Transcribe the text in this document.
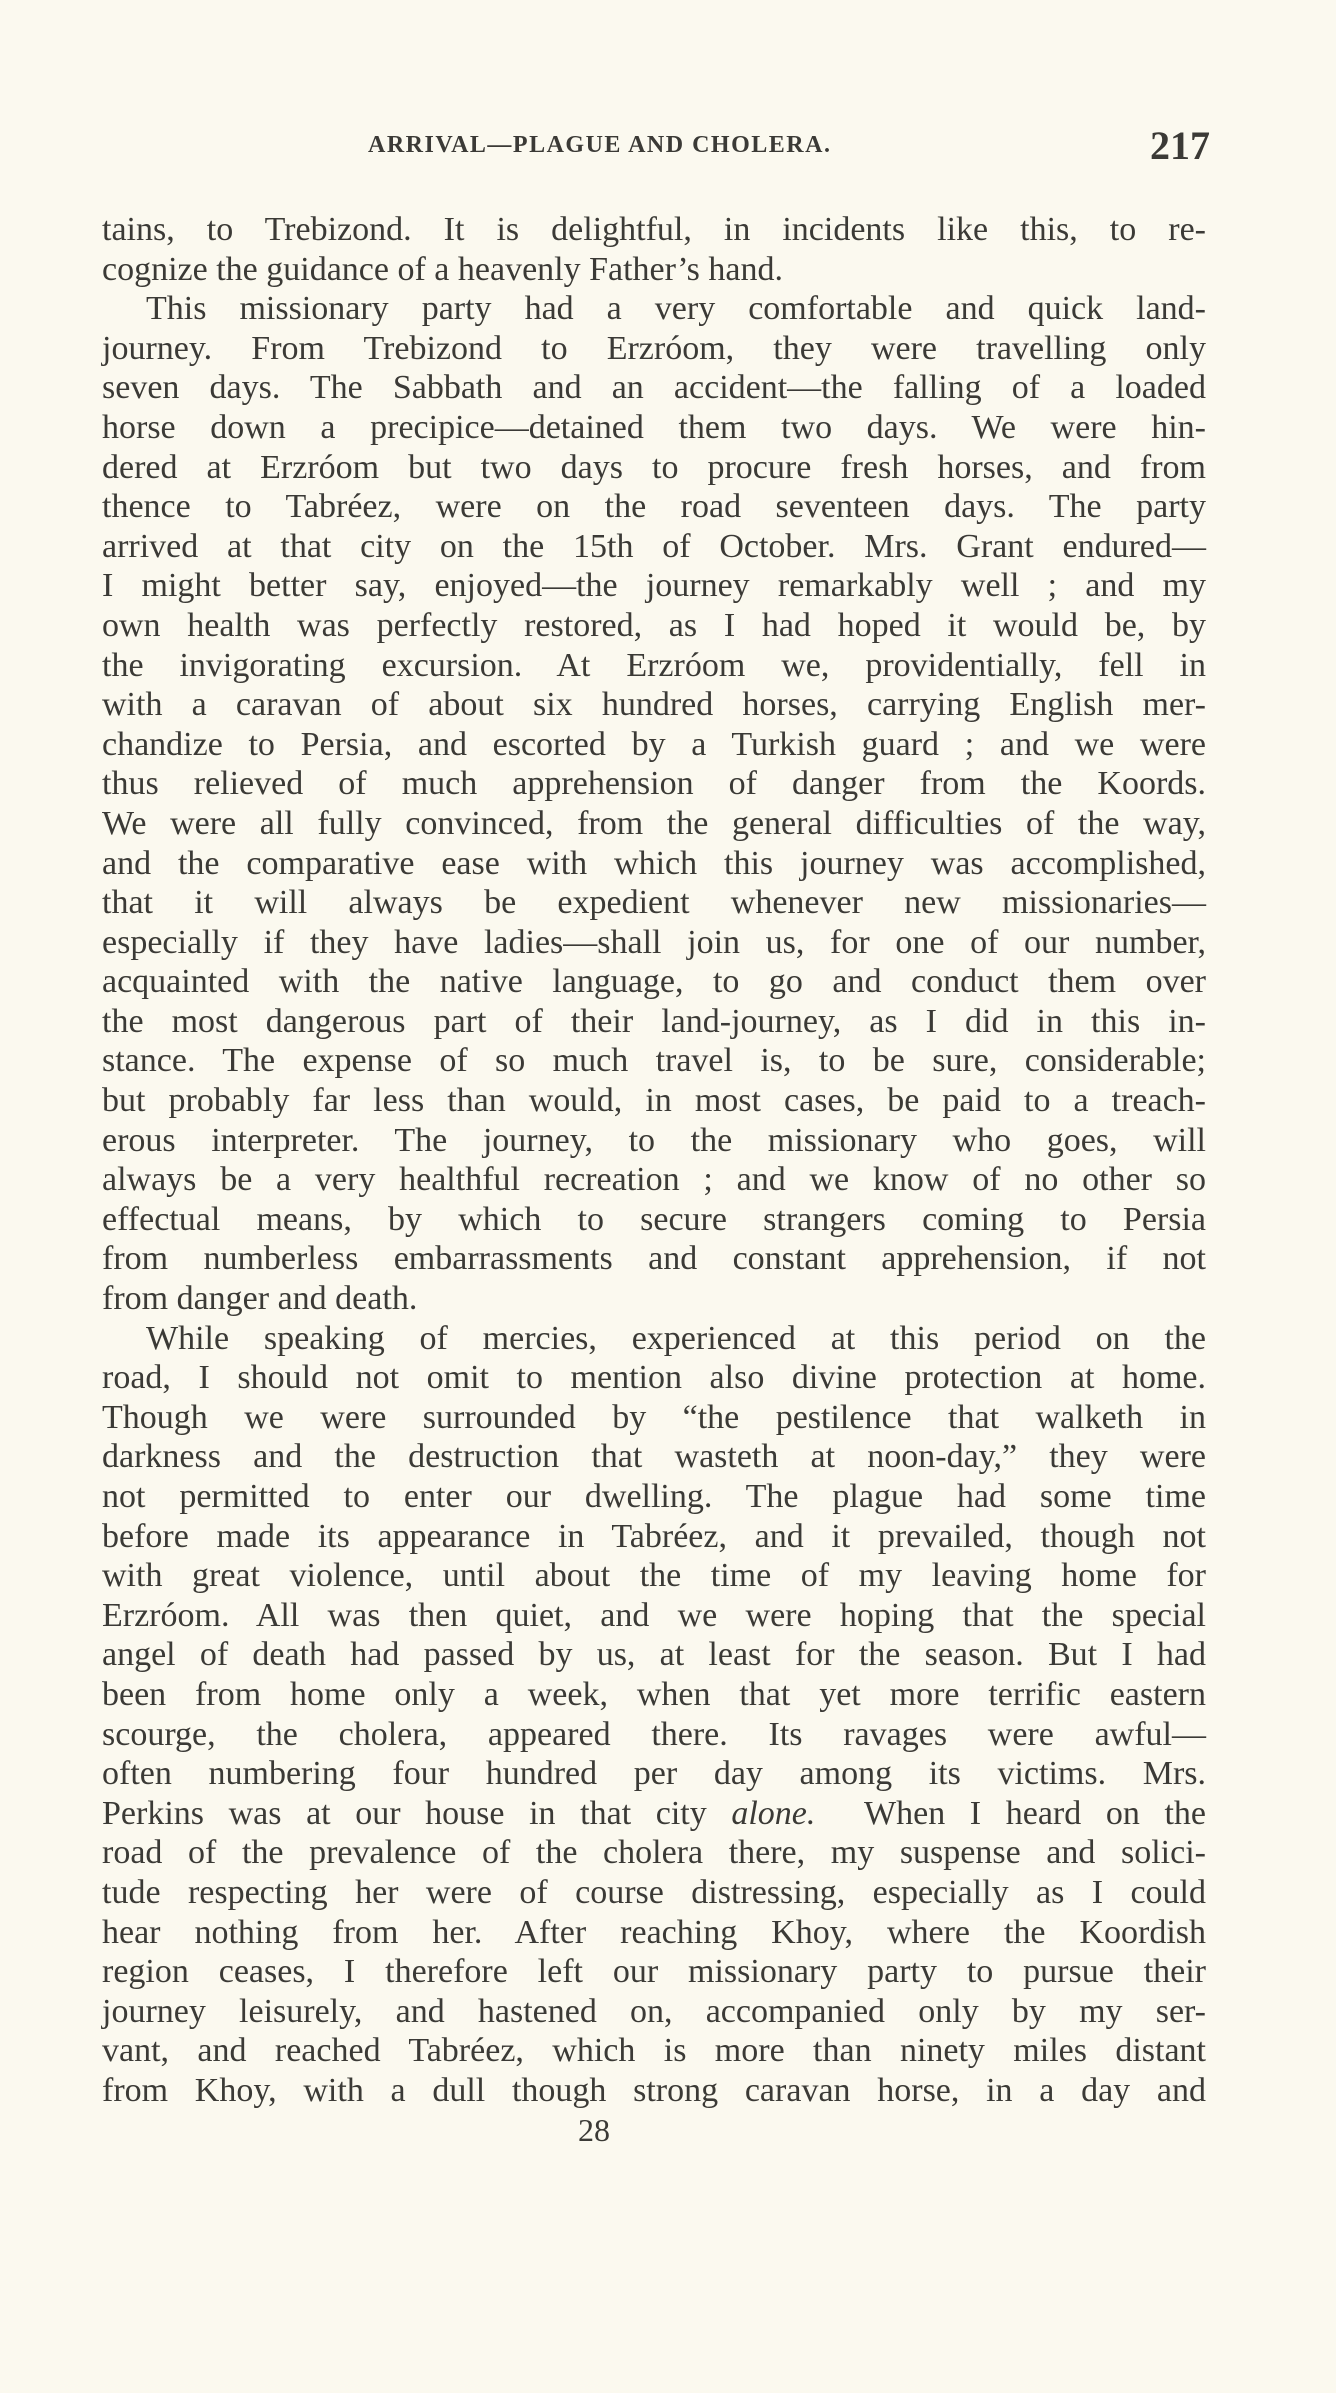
ARRIVAL—PLAGUE AND CHOLERA.	217
tains, to Trebizond. It is delightful, in incidents like this, to re-
cognize the guidance of a heavenly Father’s hand.
This missionary party had a very comfortable and quick land-
journey. From Trebizond to Erzróom, they were travelling only
seven days. The Sabbath and an accident—the falling of a loaded
horse down a precipice—detained them two days. We were hin-
dered at Erzróom but two days to procure fresh horses, and from
thence to Tabréez, were on the road seventeen days. The party
arrived at that city on the 15th of October. Mrs. Grant endured—
I might better say, enjoyed—the journey remarkably well ; and my
own health was perfectly restored, as I had hoped it would be, by
the invigorating excursion. At Erzróom we, providentially, fell in
with a caravan of about six hundred horses, carrying English mer-
chandize to Persia, and escorted by a Turkish guard ; and we were
thus relieved of much apprehension of danger from the Koords.
We were all fully convinced, from the general difficulties of the way,
and the comparative ease with which this journey was accomplished,
that it will always be expedient whenever new missionaries—
especially if they have ladies—shall join us, for one of our number,
acquainted with the native language, to go and conduct them over
the most dangerous part of their land-journey, as I did in this in-
stance. The expense of so much travel is, to be sure, considerable;
but probably far less than would, in most cases, be paid to a treach-
erous interpreter. The journey, to the missionary who goes, will
always be a very healthful recreation ; and we know of no other so
effectual means, by which to secure strangers coming to Persia
from numberless embarrassments and constant apprehension, if not
from danger and death.
While speaking of mercies, experienced at this period on the
road, I should not omit to mention also divine protection at home.
Though we were surrounded by “the pestilence that walketh in
darkness and the destruction that wasteth at noon-day,” they were
not permitted to enter our dwelling. The plague had some time
before made its appearance in Tabréez, and it prevailed, though not
with great violence, until about the time of my leaving home for
Erzróom. All was then quiet, and we were hoping that the special
angel of death had passed by us, at least for the season. But I had
been from home only a week, when that yet more terrific eastern
scourge, the cholera, appeared there. Its ravages were awful—
often numbering four hundred per day among its victims. Mrs.
Perkins was at our house in that city alone.  When I heard on the
road of the prevalence of the cholera there, my suspense and solici-
tude respecting her were of course distressing, especially as I could
hear nothing from her. After reaching Khoy, where the Koordish
region ceases, I therefore left our missionary party to pursue their
journey leisurely, and hastened on, accompanied only by my ser-
vant, and reached Tabréez, which is more than ninety miles distant
from Khoy, with a dull though strong caravan horse, in a day and
28
